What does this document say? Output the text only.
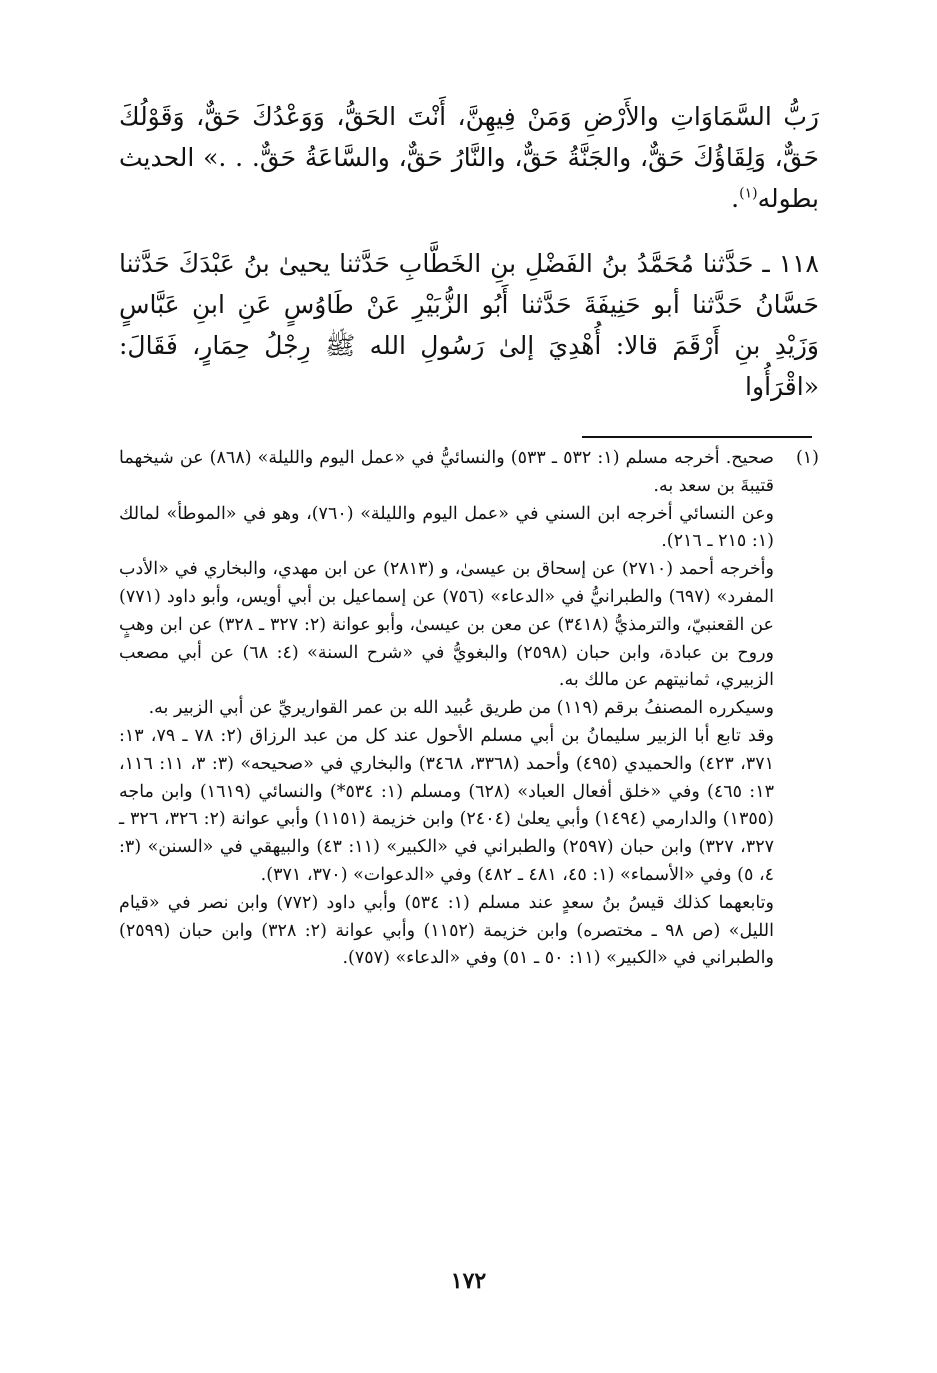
رَبُّ السَّمَاوَاتِ والأَرْضِ وَمَنْ فِيهِنَّ، أَنْتَ الحَقُّ، وَوَعْدُكَ حَقٌّ، وَقَوْلُكَ حَقٌّ، وَلِقَاؤُكَ حَقٌّ، والجَنَّةُ حَقٌّ، والنَّارُ حَقٌّ، والسَّاعَةُ حَقٌّ. . .» الحديث بطوله$^{(١)}$.

١١٨ ـ حَدَّثنا مُحَمَّدُ بنُ الفَضْلِ بنِ الخَطَّابِ حَدَّثنا يحيىٰ بنُ عَبْدَكَ حَدَّثنا حَسَّانُ حَدَّثنا أبو حَنِيفَةَ حَدَّثنا أَبُو الزُّبَيْرِ عَنْ طَاوُسٍ عَنِ ابنِ عَبَّاسٍ وَزَيْدِ بنِ أَرْقَمَ قالا: أُهْدِيَ إلىٰ رَسُولِ الله ﷺ رِجْلُ حِمَارٍ، فَقَالَ: «اقْرَأُوا

(١)

صحيح. أخرجه مسلم (١: ٥٣٢ ـ ٥٣٣) والنسائيُّ في «عمل اليوم والليلة» (٨٦٨) عن شيخهما قتيبةَ بن سعد به.

وعن النسائي أخرجه ابن السني في «عمل اليوم والليلة» (٧٦٠)، وهو في «الموطأ» لمالك (١: ٢١٥ ـ ٢١٦).

وأخرجه أحمد (٢٧١٠) عن إسحاق بن عيسىٰ، و (٢٨١٣) عن ابن مهدي، والبخاري في «الأدب المفرد» (٦٩٧) والطبرانيُّ في «الدعاء» (٧٥٦) عن إسماعيل بن أبي أويس، وأبو داود (٧٧١) عن القعنبيّ، والترمذيُّ (٣٤١٨) عن معن بن عيسىٰ، وأبو عوانة (٢: ٣٢٧ ـ ٣٢٨) عن ابن وهبٍ وروح بن عبادة، وابن حبان (٢٥٩٨) والبغويُّ في «شرح السنة» (٤: ٦٨) عن أبي مصعب الزبيري، ثمانيتهم عن مالك به.

وسيكرره المصنفُ برقم (١١٩) من طريق عُبيد الله بن عمر القواريريِّ عن أبي الزبير به.

وقد تابع أبا الزبير سليمانُ بن أبي مسلم الأحول عند كل من عبد الرزاق (٢: ٧٨ ـ ٧٩، ١٣: ٣٧١، ٤٢٣) والحميدي (٤٩٥) وأحمد (٣٣٦٨، ٣٤٦٨) والبخاري في «صحيحه» (٣: ٣، ١١: ١١٦، ١٣: ٤٦٥) وفي «خلق أفعال العباد» (٦٢٨) ومسلم (١: ٥٣٤*) والنسائي (١٦١٩) وابن ماجه (١٣٥٥) والدارمي (١٤٩٤) وأبي يعلىٰ (٢٤٠٤) وابن خزيمة (١١٥١) وأبي عوانة (٢: ٣٢٦، ٣٢٦ ـ ٣٢٧، ٣٢٧) وابن حبان (٢٥٩٧) والطبراني في «الكبير» (١١: ٤٣) والبيهقي في «السنن» (٣: ٤، ٥) وفي «الأسماء» (١: ٤٥، ٤٨١ ـ ٤٨٢) وفي «الدعوات» (٣٧٠، ٣٧١).

وتابعهما كذلك قيسُ بنُ سعدٍ عند مسلم (١: ٥٣٤) وأبي داود (٧٧٢) وابن نصر في «قيام الليل» (ص ٩٨ ـ مختصره) وابن خزيمة (١١٥٢) وأبي عوانة (٢: ٣٢٨) وابن حبان (٢٥٩٩) والطبراني في «الكبير» (١١: ٥٠ ـ ٥١) وفي «الدعاء» (٧٥٧).

١٧٢
